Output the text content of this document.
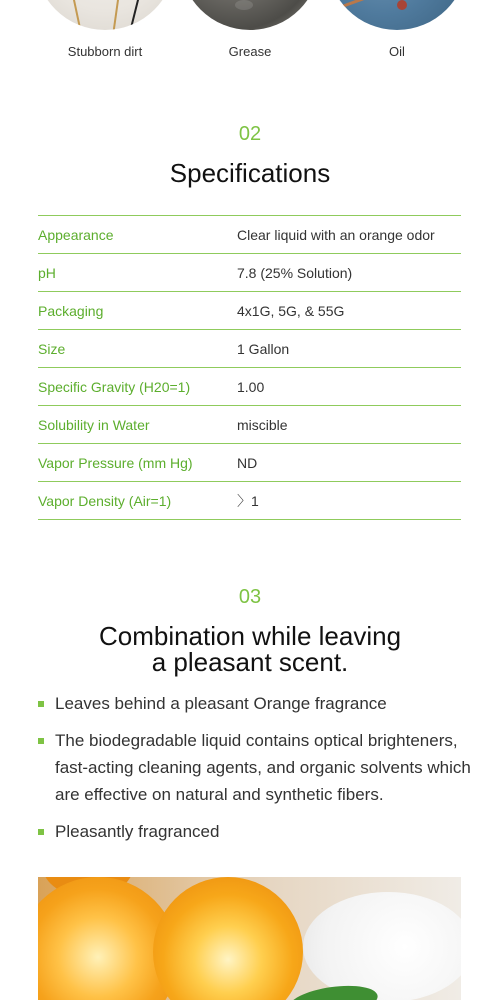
Stubborn dirt	Grease	Oil
02
Specifications
Appearance	Clear liquid with an orange odor
pH	7.8 (25% Solution)
Packaging	4x1G, 5G, & 55G
Size	1 Gallon
Specific Gravity (H20=1)	1.00
Solubility in Water	miscible
Vapor Pressure (mm Hg)	ND
Vapor Density (Air=1)	〉1
03
Combination while leaving
a pleasant scent.
Leaves behind a pleasant Orange fragrance
The biodegradable liquid contains optical brighteners, fast-acting cleaning agents, and organic solvents which are effective on natural and synthetic fibers.
Pleasantly fragranced
